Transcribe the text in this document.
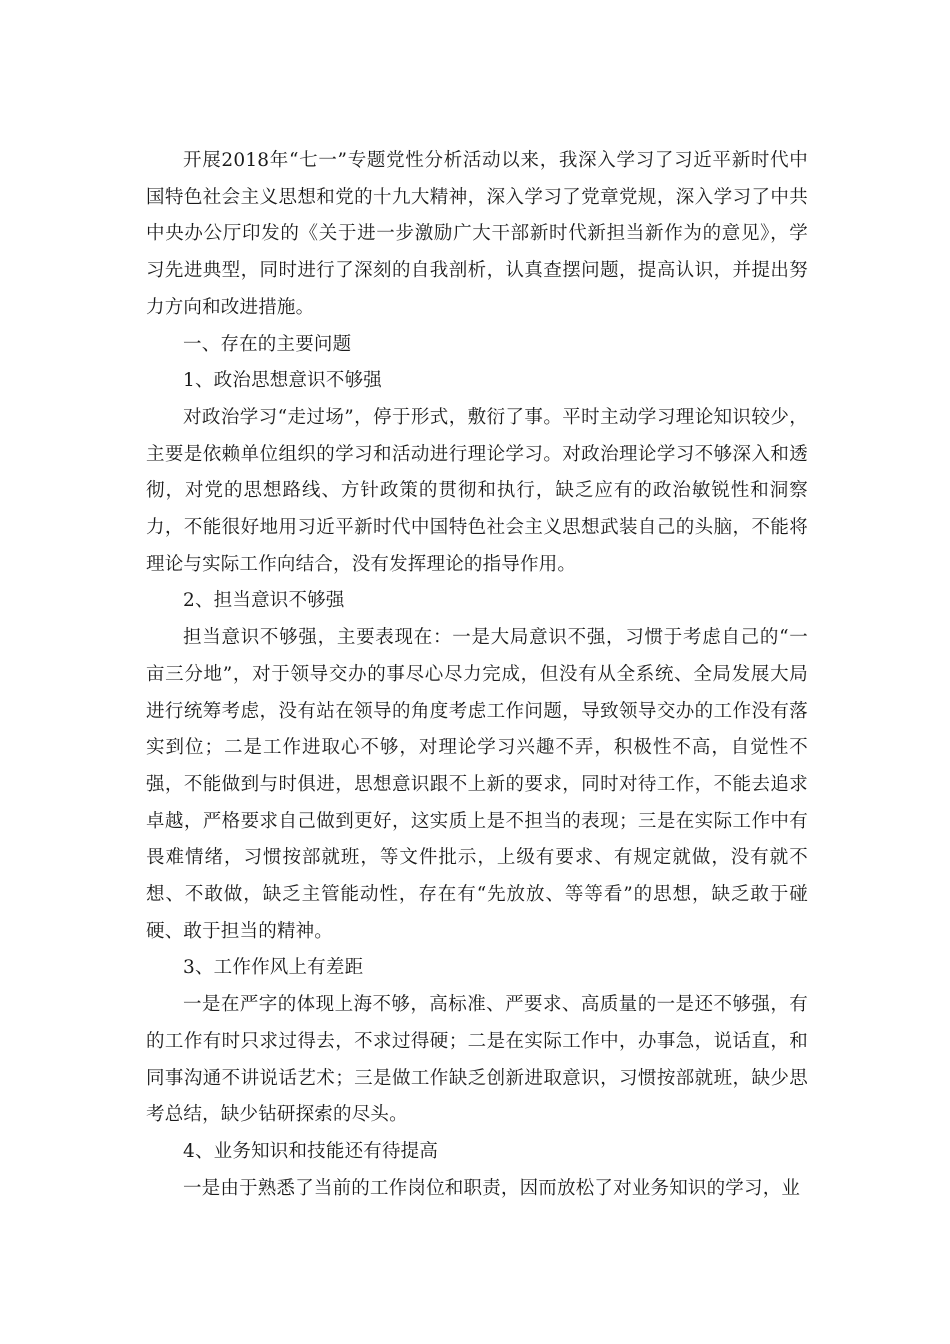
开展2018年“七一”专题党性分析活动以来，我深入学习了习近平新时代中国特色社会主义思想和党的十九大精神，深入学习了党章党规，深入学习了中共中央办公厅印发的《关于进一步激励广大干部新时代新担当新作为的意见》，学习先进典型，同时进行了深刻的自我剖析，认真查摆问题，提高认识，并提出努力方向和改进措施。

一、存在的主要问题

1、政治思想意识不够强

对政治学习“走过场”，停于形式，敷衍了事。平时主动学习理论知识较少，主要是依赖单位组织的学习和活动进行理论学习。对政治理论学习不够深入和透彻，对党的思想路线、方针政策的贯彻和执行，缺乏应有的政治敏锐性和洞察力，不能很好地用习近平新时代中国特色社会主义思想武装自己的头脑，不能将理论与实际工作向结合，没有发挥理论的指导作用。

2、担当意识不够强

担当意识不够强，主要表现在：一是大局意识不强，习惯于考虑自己的“一亩三分地”，对于领导交办的事尽心尽力完成，但没有从全系统、全局发展大局进行统筹考虑，没有站在领导的角度考虑工作问题，导致领导交办的工作没有落实到位；二是工作进取心不够，对理论学习兴趣不弄，积极性不高，自觉性不强，不能做到与时俱进，思想意识跟不上新的要求，同时对待工作，不能去追求卓越，严格要求自己做到更好，这实质上是不担当的表现；三是在实际工作中有畏难情绪，习惯按部就班，等文件批示，上级有要求、有规定就做，没有就不想、不敢做，缺乏主管能动性，存在有“先放放、等等看”的思想，缺乏敢于碰硬、敢于担当的精神。

3、工作作风上有差距

一是在严字的体现上海不够，高标准、严要求、高质量的一是还不够强，有的工作有时只求过得去，不求过得硬；二是在实际工作中，办事急，说话直，和同事沟通不讲说话艺术；三是做工作缺乏创新进取意识，习惯按部就班，缺少思考总结，缺少钻研探索的尽头。

4、业务知识和技能还有待提高

一是由于熟悉了当前的工作岗位和职责，因而放松了对业务知识的学习，业
